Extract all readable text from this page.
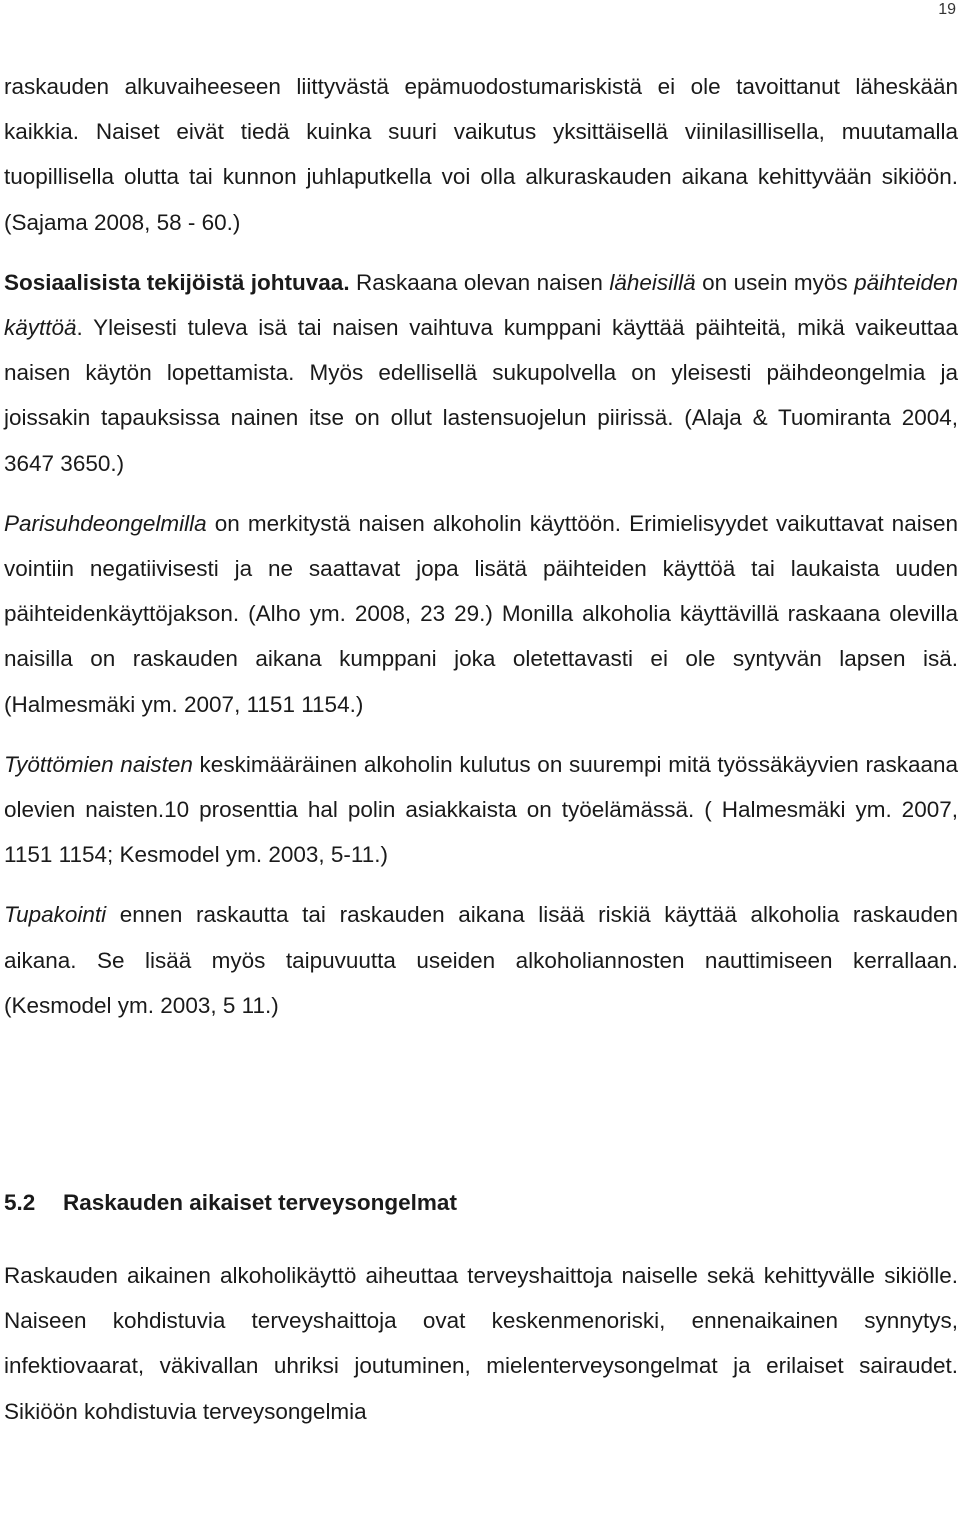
19

raskauden alkuvaiheeseen liittyvästä epämuodostumariskistä ei ole tavoittanut läheskään kaikkia. Naiset eivät tiedä kuinka suuri vaikutus yksittäisellä viinilasillisella, muutamalla tuopillisella olutta tai kunnon juhlaputkella voi olla alkuraskauden aikana kehittyvään sikiöön. (Sajama 2008, 58 - 60.)

Sosiaalisista tekijöistä johtuvaa. Raskaana olevan naisen läheisillä on usein myös päihteiden käyttöä. Yleisesti tuleva isä tai naisen vaihtuva kumppani käyttää päihteitä, mikä vaikeuttaa naisen käytön lopettamista. Myös edellisellä sukupolvella on yleisesti päihdeongelmia ja joissakin tapauksissa nainen itse on ollut lastensuojelun piirissä. (Alaja & Tuomiranta 2004, 3647 3650.)

Parisuhdeongelmilla on merkitystä naisen alkoholin käyttöön. Erimielisyydet vaikuttavat naisen vointiin negatiivisesti ja ne saattavat jopa lisätä päihteiden käyttöä tai laukaista uuden päihteidenkäyttöjakson. (Alho ym. 2008, 23 29.) Monilla alkoholia käyttävillä raskaana olevilla naisilla on raskauden aikana kumppani joka oletettavasti ei ole syntyvän lapsen isä. (Halmesmäki ym. 2007, 1151 1154.)

Työttömien naisten keskimääräinen alkoholin kulutus on suurempi mitä työssäkäyvien raskaana olevien naisten.10 prosenttia hal polin asiakkaista on työelämässä. ( Halmesmäki ym. 2007, 1151 1154; Kesmodel ym. 2003, 5-11.)

Tupakointi ennen raskautta tai raskauden aikana lisää riskiä käyttää alkoholia raskauden aikana. Se lisää myös taipuvuutta useiden alkoholiannosten nauttimiseen kerrallaan. (Kesmodel ym. 2003, 5 11.)

5.2 Raskauden aikaiset terveysongelmat

Raskauden aikainen alkoholikäyttö aiheuttaa terveyshaittoja naiselle sekä kehittyvälle sikiölle. Naiseen kohdistuvia terveyshaittoja ovat keskenmenoriski, ennenaikainen synnytys, infektiovaarat, väkivallan uhriksi joutuminen, mielenterveysongelmat ja erilaiset sairaudet. Sikiöön kohdistuvia terveysongelmia
